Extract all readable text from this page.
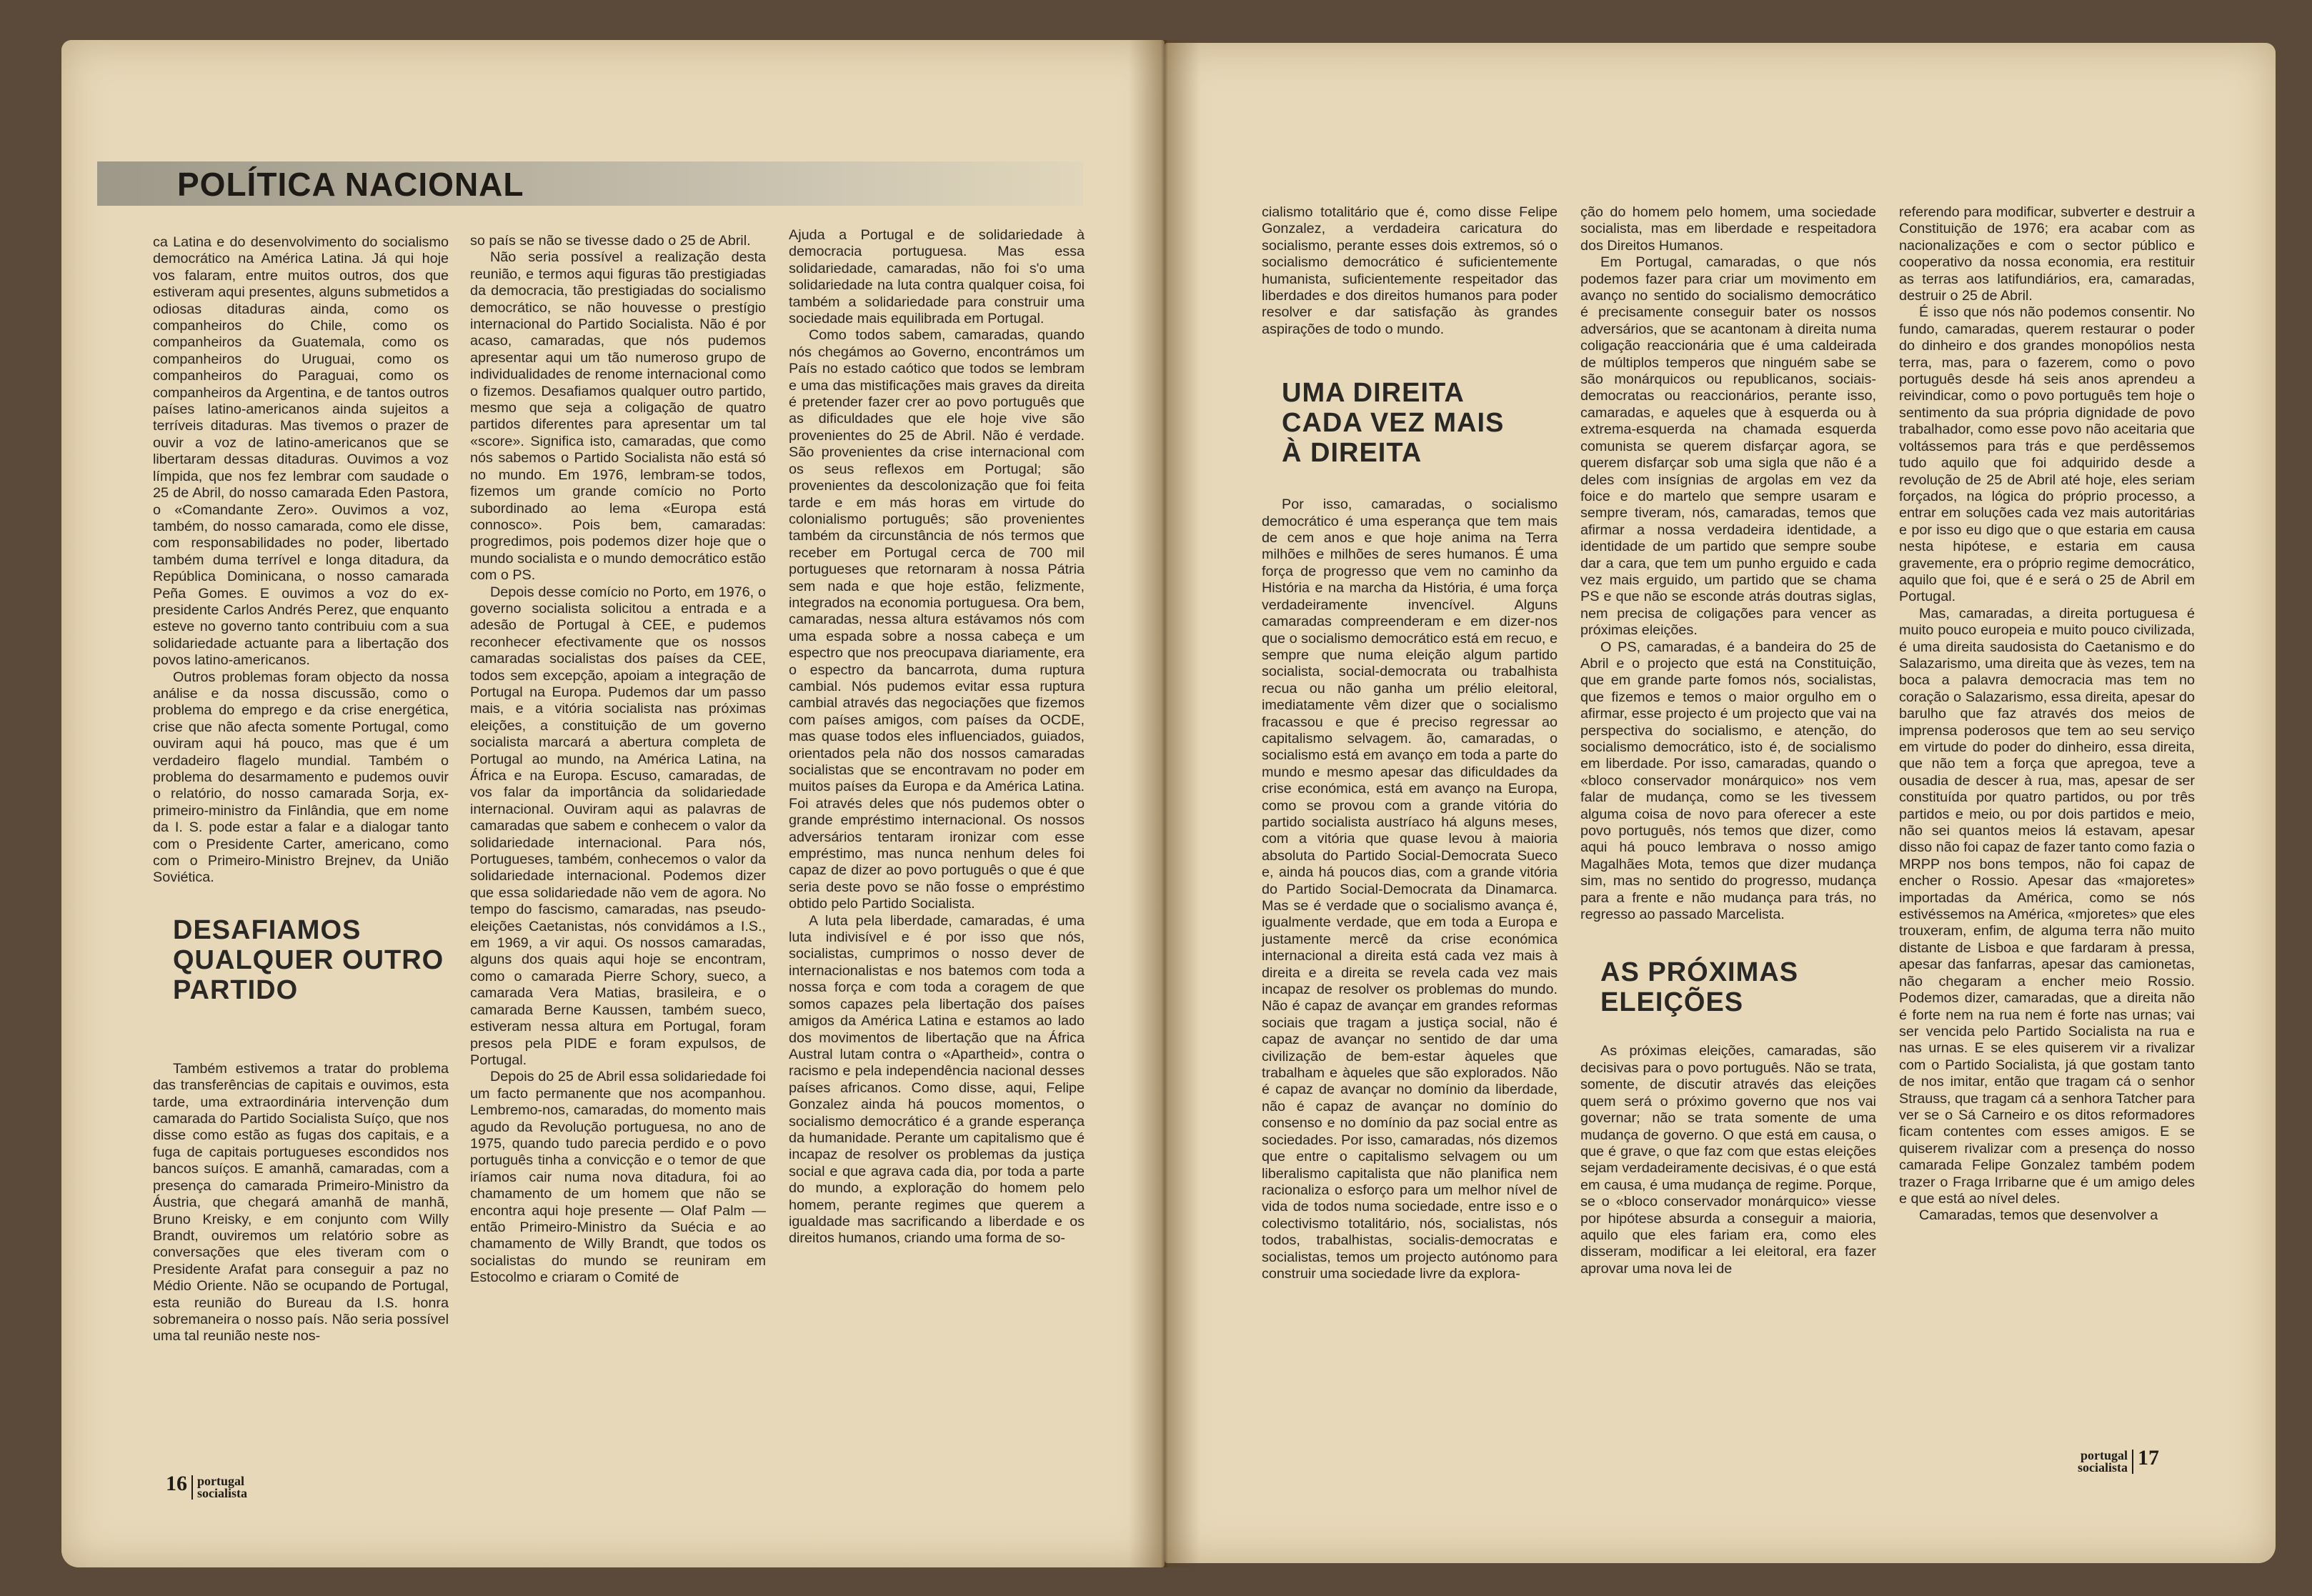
POLÍTICA NACIONAL

ca Latina e do desenvolvimento do socialismo democrático na América Latina. Já qui hoje vos falaram, entre muitos outros, dos que estiveram aqui presentes, alguns submetidos a odiosas ditaduras ainda, como os companheiros do Chile, como os companheiros da Guatemala, como os companheiros do Uruguai, como os companheiros do Paraguai, como os companheiros da Argentina, e de tantos outros países latino-americanos ainda sujeitos a terríveis ditaduras. Mas tivemos o prazer de ouvir a voz de latino-americanos que se libertaram dessas ditaduras. Ouvimos a voz límpida, que nos fez lembrar com saudade o 25 de Abril, do nosso camarada Eden Pastora, o «Comandante Zero». Ouvimos a voz, também, do nosso camarada, como ele disse, com responsabilidades no poder, libertado também duma terrível e longa ditadura, da República Dominicana, o nosso camarada Peña Gomes. E ouvimos a voz do ex-presidente Carlos Andrés Perez, que enquanto esteve no governo tanto contribuiu com a sua solidariedade actuante para a libertação dos povos latino-americanos.

Outros problemas foram objecto da nossa análise e da nossa discussão, como o problema do emprego e da crise energética, crise que não afecta somente Portugal, como ouviram aqui há pouco, mas que é um verdadeiro flagelo mundial. Também o problema do desarmamento e pudemos ouvir o relatório, do nosso camarada Sorja, ex-primeiro-ministro da Finlândia, que em nome da I. S. pode estar a falar e a dialogar tanto com o Presidente Carter, americano, como com o Primeiro-Ministro Brejnev, da União Soviética.

DESAFIAMOS

QUALQUER OUTRO

PARTIDO

Também estivemos a tratar do problema das transferências de capitais e ouvimos, esta tarde, uma extraordinária intervenção dum camarada do Partido Socialista Suíço, que nos disse como estão as fugas dos capitais, e a fuga de capitais portugueses escondidos nos bancos suíços. E amanhã, camaradas, com a presença do camarada Primeiro-Ministro da Áustria, que chegará amanhã de manhã, Bruno Kreisky, e em conjunto com Willy Brandt, ouviremos um relatório sobre as conversações que eles tiveram com o Presidente Arafat para conseguir a paz no Médio Oriente. Não se ocupando de Portugal, esta reunião do Bureau da I.S. honra sobremaneira o nosso país. Não seria possível uma tal reunião neste nos-

so país se não se tivesse dado o 25 de Abril.

Não seria possível a realização desta reunião, e termos aqui figuras tão prestigiadas da democracia, tão prestigiadas do socialismo democrático, se não houvesse o prestígio internacional do Partido Socialista. Não é por acaso, camaradas, que nós pudemos apresentar aqui um tão numeroso grupo de individualidades de renome internacional como o fizemos. Desafiamos qualquer outro partido, mesmo que seja a coligação de quatro partidos diferentes para apresentar um tal «score». Significa isto, camaradas, que como nós sabemos o Partido Socialista não está só no mundo. Em 1976, lembram-se todos, fizemos um grande comício no Porto subordinado ao lema «Europa está connosco». Pois bem, camaradas: progredimos, pois podemos dizer hoje que o mundo socialista e o mundo democrático estão com o PS.

Depois desse comício no Porto, em 1976, o governo socialista solicitou a entrada e a adesão de Portugal à CEE, e pudemos reconhecer efectivamente que os nossos camaradas socialistas dos países da CEE, todos sem excepção, apoiam a integração de Portugal na Europa. Pudemos dar um passo mais, e a vitória socialista nas próximas eleições, a constituição de um governo socialista marcará a abertura completa de Portugal ao mundo, na América Latina, na África e na Europa. Escuso, camaradas, de vos falar da importância da solidariedade internacional. Ouviram aqui as palavras de camaradas que sabem e conhecem o valor da solidariedade internacional. Para nós, Portugueses, também, conhecemos o valor da solidariedade internacional. Podemos dizer que essa solidariedade não vem de agora. No tempo do fascismo, camaradas, nas pseudo-eleições Caetanistas, nós convidámos a I.S., em 1969, a vir aqui. Os nossos camaradas, alguns dos quais aqui hoje se encontram, como o camarada Pierre Schory, sueco, a camarada Vera Matias, brasileira, e o camarada Berne Kaussen, também sueco, estiveram nessa altura em Portugal, foram presos pela PIDE e foram expulsos, de Portugal.

Depois do 25 de Abril essa solidariedade foi um facto permanente que nos acompanhou. Lembremo-nos, camaradas, do momento mais agudo da Revolução portuguesa, no ano de 1975, quando tudo parecia perdido e o povo português tinha a convicção e o temor de que iríamos cair numa nova ditadura, foi ao chamamento de um homem que não se encontra aqui hoje presente — Olaf Palm — então Primeiro-Ministro da Suécia e ao chamamento de Willy Brandt, que todos os socialistas do mundo se reuniram em Estocolmo e criaram o Comité de

Ajuda a Portugal e de solidariedade à democracia portuguesa. Mas essa solidariedade, camaradas, não foi s'o uma solidariedade na luta contra qualquer coisa, foi também a solidariedade para construir uma sociedade mais equilibrada em Portugal.

Como todos sabem, camaradas, quando nós chegámos ao Governo, encontrámos um País no estado caótico que todos se lembram e uma das mistificações mais graves da direita é pretender fazer crer ao povo português que as dificuldades que ele hoje vive são provenientes do 25 de Abril. Não é verdade. São provenientes da crise internacional com os seus reflexos em Portugal; são provenientes da descolonização que foi feita tarde e em más horas em virtude do colonialismo português; são provenientes também da circunstância de nós termos que receber em Portugal cerca de 700 mil portugueses que retornaram à nossa Pátria sem nada e que hoje estão, felizmente, integrados na economia portuguesa. Ora bem, camaradas, nessa altura estávamos nós com uma espada sobre a nossa cabeça e um espectro que nos preocupava diariamente, era o espectro da bancarrota, duma ruptura cambial. Nós pudemos evitar essa ruptura cambial através das negociações que fizemos com países amigos, com países da OCDE, mas quase todos eles influenciados, guiados, orientados pela não dos nossos camaradas socialistas que se encontravam no poder em muitos países da Europa e da América Latina. Foi através deles que nós pudemos obter o grande empréstimo internacional. Os nossos adversários tentaram ironizar com esse empréstimo, mas nunca nenhum deles foi capaz de dizer ao povo português o que é que seria deste povo se não fosse o empréstimo obtido pelo Partido Socialista.

A luta pela liberdade, camaradas, é uma luta indivisível e é por isso que nós, socialistas, cumprimos o nosso dever de internacionalistas e nos batemos com toda a nossa força e com toda a coragem de que somos capazes pela libertação dos países amigos da América Latina e estamos ao lado dos movimentos de libertação que na África Austral lutam contra o «Apartheid», contra o racismo e pela independência nacional desses países africanos. Como disse, aqui, Felipe Gonzalez ainda há poucos momentos, o socialismo democrático é a grande esperança da humanidade. Perante um capitalismo que é incapaz de resolver os problemas da justiça social e que agrava cada dia, por toda a parte do mundo, a exploração do homem pelo homem, perante regimes que querem a igualdade mas sacrificando a liberdade e os direitos humanos, criando uma forma de so-

16 portugal
socialista

cialismo totalitário que é, como disse Felipe Gonzalez, a verdadeira caricatura do socialismo, perante esses dois extremos, só o socialismo democrático é suficientemente humanista, suficientemente respeitador das liberdades e dos direitos humanos para poder resolver e dar satisfação às grandes aspirações de todo o mundo.

UMA DIREITA

CADA VEZ MAIS

À DIREITA

Por isso, camaradas, o socialismo democrático é uma esperança que tem mais de cem anos e que hoje anima na Terra milhões e milhões de seres humanos. É uma força de progresso que vem no caminho da História e na marcha da História, é uma força verdadeiramente invencível. Alguns camaradas compreenderam e em dizer-nos que o socialismo democrático está em recuo, e sempre que numa eleição algum partido socialista, social-democrata ou trabalhista recua ou não ganha um prélio eleitoral, imediatamente vêm dizer que o socialismo fracassou e que é preciso regressar ao capitalismo selvagem. ão, camaradas, o socialismo está em avanço em toda a parte do mundo e mesmo apesar das dificuldades da crise económica, está em avanço na Europa, como se provou com a grande vitória do partido socialista austríaco há alguns meses, com a vitória que quase levou à maioria absoluta do Partido Social-Democrata Sueco e, ainda há poucos dias, com a grande vitória do Partido Social-Democrata da Dinamarca. Mas se é verdade que o socialismo avança é, igualmente verdade, que em toda a Europa e justamente mercê da crise económica internacional a direita está cada vez mais à direita e a direita se revela cada vez mais incapaz de resolver os problemas do mundo. Não é capaz de avançar em grandes reformas sociais que tragam a justiça social, não é capaz de avançar no sentido de dar uma civilização de bem-estar àqueles que trabalham e àqueles que são explorados. Não é capaz de avançar no domínio da liberdade, não é capaz de avançar no domínio do consenso e no domínio da paz social entre as sociedades. Por isso, camaradas, nós dizemos que entre o capitalismo selvagem ou um liberalismo capitalista que não planifica nem racionaliza o esforço para um melhor nível de vida de todos numa sociedade, entre isso e o colectivismo totalitário, nós, socialistas, nós todos, trabalhistas, socialis-democratas e socialistas, temos um projecto autónomo para construir uma sociedade livre da explora-

ção do homem pelo homem, uma sociedade socialista, mas em liberdade e respeitadora dos Direitos Humanos.

Em Portugal, camaradas, o que nós podemos fazer para criar um movimento em avanço no sentido do socialismo democrático é precisamente conseguir bater os nossos adversários, que se acantonam à direita numa coligação reaccionária que é uma caldeirada de múltiplos temperos que ninguém sabe se são monárquicos ou republicanos, sociais-democratas ou reaccionários, perante isso, camaradas, e aqueles que à esquerda ou à extrema-esquerda na chamada esquerda comunista se querem disfarçar agora, se querem disfarçar sob uma sigla que não é a deles com insígnias de argolas em vez da foice e do martelo que sempre usaram e sempre tiveram, nós, camaradas, temos que afirmar a nossa verdadeira identidade, a identidade de um partido que sempre soube dar a cara, que tem um punho erguido e cada vez mais erguido, um partido que se chama PS e que não se esconde atrás doutras siglas, nem precisa de coligações para vencer as próximas eleições.

O PS, camaradas, é a bandeira do 25 de Abril e o projecto que está na Constituição, que em grande parte fomos nós, socialistas, que fizemos e temos o maior orgulho em o afirmar, esse projecto é um projecto que vai na perspectiva do socialismo, e atenção, do socialismo democrático, isto é, de socialismo em liberdade. Por isso, camaradas, quando o «bloco conservador monárquico» nos vem falar de mudança, como se les tivessem alguma coisa de novo para oferecer a este povo português, nós temos que dizer, como aqui há pouco lembrava o nosso amigo Magalhães Mota, temos que dizer mudança sim, mas no sentido do progresso, mudança para a frente e não mudança para trás, no regresso ao passado Marcelista.

AS PRÓXIMAS

ELEIÇÕES

As próximas eleições, camaradas, são decisivas para o povo português. Não se trata, somente, de discutir através das eleições quem será o próximo governo que nos vai governar; não se trata somente de uma mudança de governo. O que está em causa, o que é grave, o que faz com que estas eleições sejam verdadeiramente decisivas, é o que está em causa, é uma mudança de regime. Porque, se o «bloco conservador monárquico» viesse por hipótese absurda a conseguir a maioria, aquilo que eles fariam era, como eles disseram, modificar a lei eleitoral, era fazer aprovar uma nova lei de

referendo para modificar, subverter e destruir a Constituição de 1976; era acabar com as nacionalizações e com o sector público e cooperativo da nossa economia, era restituir as terras aos latifundiários, era, camaradas, destruir o 25 de Abril.

É isso que nós não podemos consentir. No fundo, camaradas, querem restaurar o poder do dinheiro e dos grandes monopólios nesta terra, mas, para o fazerem, como o povo português desde há seis anos aprendeu a reivindicar, como o povo português tem hoje o sentimento da sua própria dignidade de povo trabalhador, como esse povo não aceitaria que voltássemos para trás e que perdêssemos tudo aquilo que foi adquirido desde a revolução de 25 de Abril até hoje, eles seriam forçados, na lógica do próprio processo, a entrar em soluções cada vez mais autoritárias e por isso eu digo que o que estaria em causa nesta hipótese, e estaria em causa gravemente, era o próprio regime democrático, aquilo que foi, que é e será o 25 de Abril em Portugal.

Mas, camaradas, a direita portuguesa é muito pouco europeia e muito pouco civilizada, é uma direita saudosista do Caetanismo e do Salazarismo, uma direita que às vezes, tem na boca a palavra democracia mas tem no coração o Salazarismo, essa direita, apesar do barulho que faz através dos meios de imprensa poderosos que tem ao seu serviço em virtude do poder do dinheiro, essa direita, que não tem a força que apregoa, teve a ousadia de descer à rua, mas, apesar de ser constituída por quatro partidos, ou por três partidos e meio, ou por dois partidos e meio, não sei quantos meios lá estavam, apesar disso não foi capaz de fazer tanto como fazia o MRPP nos bons tempos, não foi capaz de encher o Rossio. Apesar das «majoretes» importadas da América, como se nós estivéssemos na América, «mjoretes» que eles trouxeram, enfim, de alguma terra não muito distante de Lisboa e que fardaram à pressa, apesar das fanfarras, apesar das camionetas, não chegaram a encher meio Rossio. Podemos dizer, camaradas, que a direita não é forte nem na rua nem é forte nas urnas; vai ser vencida pelo Partido Socialista na rua e nas urnas. E se eles quiserem vir a rivalizar com o Partido Socialista, já que gostam tanto de nos imitar, então que tragam cá o senhor Strauss, que tragam cá a senhora Tatcher para ver se o Sá Carneiro e os ditos reformadores ficam contentes com esses amigos. E se quiserem rivalizar com a presença do nosso camarada Felipe Gonzalez também podem trazer o Fraga Irribarne que é um amigo deles e que está ao nível deles.

Camaradas, temos que desenvolver a

portugal
socialista 17
